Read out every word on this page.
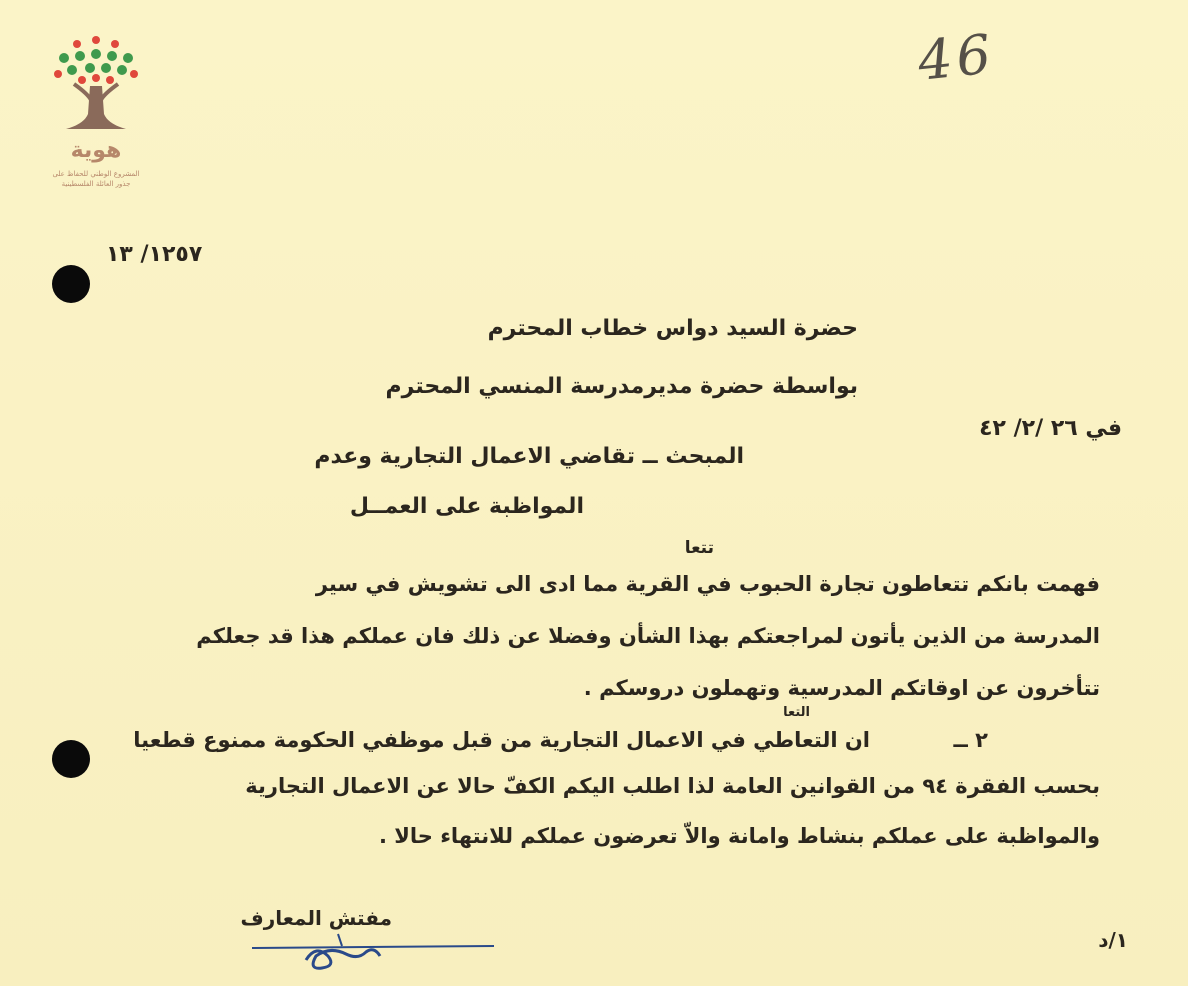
هوية
المشروع الوطني للحفاظ على
جذور العائلة الفلسطينية
46
١٢٥٧/ ١٣
حضرة السيد دواس خطاب المحترم
بواسطة حضرة مديرمدرسة المنسي المحترم
في ٢٦ /٢/ ٤٢
المبحث ــ تقاضي الاعمال التجارية وعدم
المواظبة على العمــل
تتعا
فهمت بانكم تتعاطون تجارة الحبوب في القرية مما ادى الى تشويش في سير
المدرسة من الذين يأتون لمراجعتكم بهذا الشأن وفضلا عن ذلك فان عملكم هذا قد جعلكم
تتأخرون عن اوقاتكم المدرسية وتهملون دروسكم .
التعا
٢ ــ
ان التعاطي في الاعمال التجارية من قبل موظفي الحكومة ممنوع قطعيا
بحسب الفقرة ٩٤ من القوانين العامة لذا اطلب اليكم الكفّ حالا عن الاعمال التجارية
والمواظبة على عملكم بنشاط وامانة والاّ تعرضون عملكم للانتهاء حالا .
مفتش المعارف
١/د
